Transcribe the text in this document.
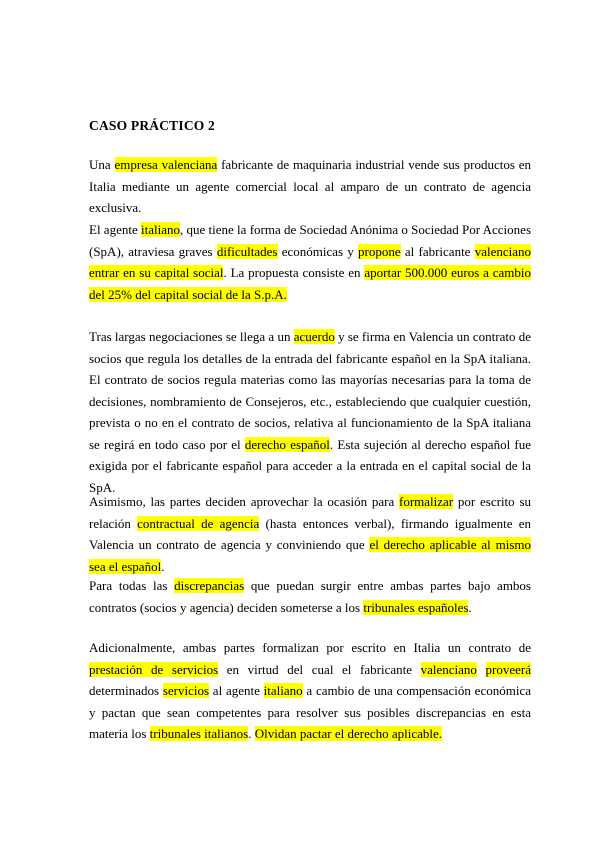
CASO PRÁCTICO 2

Una empresa valenciana fabricante de maquinaria industrial vende sus productos en Italia mediante un agente comercial local al amparo de un contrato de agencia exclusiva.

El agente italiano, que tiene la forma de Sociedad Anónima o Sociedad Por Acciones (SpA), atraviesa graves dificultades económicas y propone al fabricante valenciano entrar en su capital social. La propuesta consiste en aportar 500.000 euros a cambio del 25% del capital social de la S.p.A.

Tras largas negociaciones se llega a un acuerdo y se firma en Valencia un contrato de socios que regula los detalles de la entrada del fabricante español en la SpA italiana. El contrato de socios regula materias como las mayorías necesarias para la toma de decisiones, nombramiento de Consejeros, etc., estableciendo que cualquier cuestión, prevista o no en el contrato de socios, relativa al funcionamiento de la SpA italiana se regirá en todo caso por el derecho español. Esta sujeción al derecho español fue exigida por el fabricante español para acceder a la entrada en el capital social de la SpA.

Asimismo, las partes deciden aprovechar la ocasión para formalizar por escrito su relación contractual de agencia (hasta entonces verbal), firmando igualmente en Valencia un contrato de agencia y conviniendo que el derecho aplicable al mismo sea el español.

Para todas las discrepancias que puedan surgir entre ambas partes bajo ambos contratos (socios y agencia) deciden someterse a los tribunales españoles.

Adicionalmente, ambas partes formalizan por escrito en Italia un contrato de prestación de servicios en virtud del cual el fabricante valenciano proveerá determinados servicios al agente italiano a cambio de una compensación económica y pactan que sean competentes para resolver sus posibles discrepancias en esta materia los tribunales italianos. Olvidan pactar el derecho aplicable.
